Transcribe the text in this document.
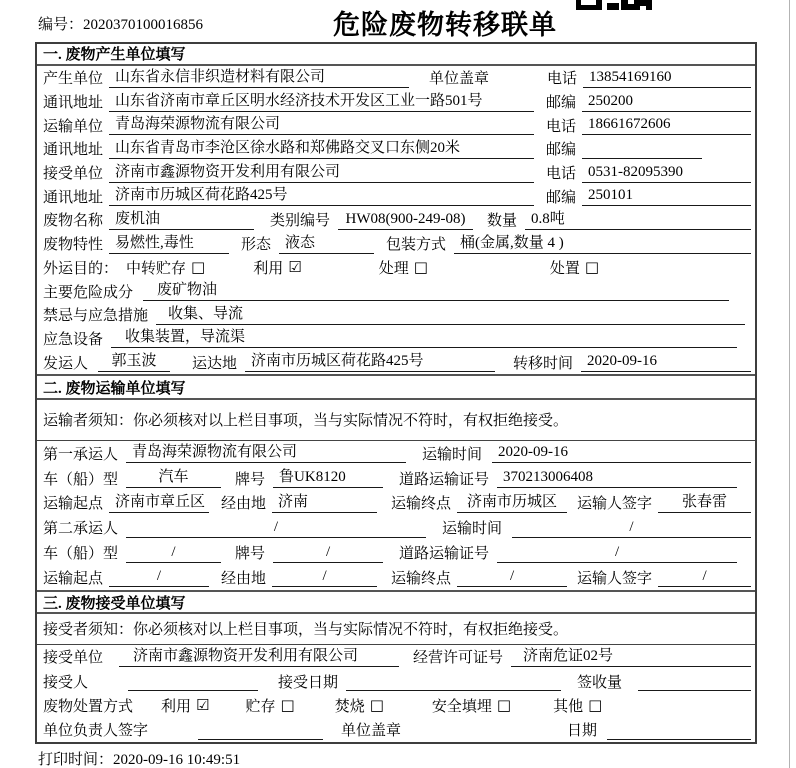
编号：2020370100016856	危险废物转移联单
一. 废物产生单位填写
产生单位 山东省永信非织造材料有限公司	单位盖章	电话 13854169160
通讯地址 山东省济南市章丘区明水经济技术开发区工业一路501号	邮编 250200
运输单位 青岛海荣源物流有限公司	电话 18661672606
通讯地址 山东省青岛市李沧区徐水路和郑佛路交叉口东侧20米	邮编
接受单位 济南市鑫源物资开发利用有限公司	电话 0531-82095390
通讯地址 济南市历城区荷花路425号	邮编 250101
废物名称 废机油	类别编号	HW08(900-249-08)	数量 0.8吨
废物特性 易燃性,毒性	形态 液态	包装方式 桶(金属,数量 4 )
外运目的： 中转贮存 □	利用 ☑	处理 □	处置 □
主要危险成分	废矿物油
禁忌与应急措施	收集、导流
应急设备	收集装置，导流渠
发运人	郭玉波	运达地 济南市历城区荷花路425号	转移时间 2020-09-16
二. 废物运输单位填写
运输者须知：你必须核对以上栏目事项，当与实际情况不符时，有权拒绝接受。
第一承运人 青岛海荣源物流有限公司	运输时间	2020-09-16
车（船）型	汽车	牌号 鲁UK8120	道路运输证号 370213006408
运输起点 济南市章丘区 经由地 济南	运输终点	济南市历城区	运输人签字	张春雷
第二承运人	/	运输时间	/
车（船）型	/	牌号	/	道路运输证号	/
运输起点	/	经由地	/	运输终点	/	运输人签字	/
三. 废物接受单位填写
接受者须知：你必须核对以上栏目事项，当与实际情况不符时，有权拒绝接受。
接受单位	济南市鑫源物资开发利用有限公司	经营许可证号	济南危证02号
接受人	接受日期	签收量
废物处置方式 利用 ☑ 贮存 □	焚烧 □	安全填埋 □	其他 □
单位负责人签字	单位盖章	日期
打印时间：2020-09-16 10:49:51
